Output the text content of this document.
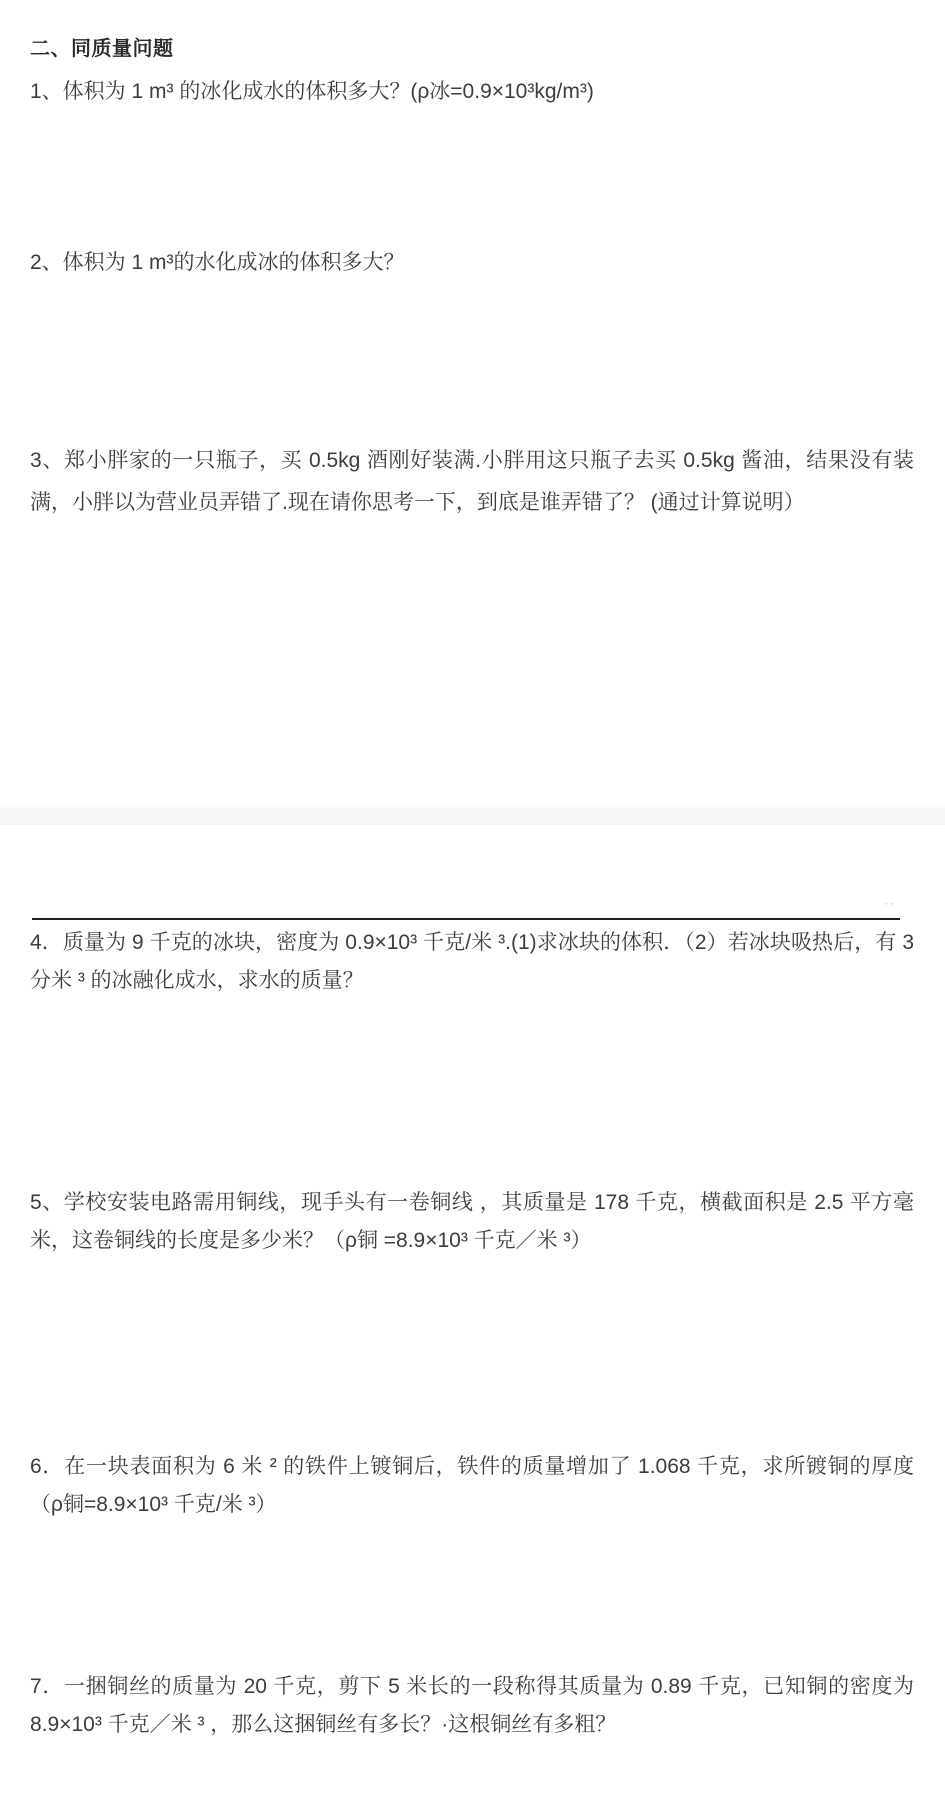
二、同质量问题
1、体积为 1 m³ 的冰化成水的体积多大？(ρ冰=0.9×10³kg/m³)
2、体积为 1 m³的水化成冰的体积多大？
3、郑小胖家的一只瓶子，买 0.5kg 酒刚好装满.小胖用这只瓶子去买 0.5kg 酱油，结果没有装满，小胖以为营业员弄错了.现在请你思考一下，到底是谁弄错了？ (通过计算说明）
··
4．质量为 9 千克的冰块，密度为 0.9×10³ 千克/米 ³.(1)求冰块的体积．（2）若冰块吸热后，有 3 分米 ³ 的冰融化成水，求水的质量？
5、学校安装电路需用铜线，现手头有一卷铜线 ，其质量是 178 千克，横截面积是 2.5 平方毫米，这卷铜线的长度是多少米？（ρ铜 =8.9×10³ 千克／米 ³）
6．在一块表面积为 6 米 ² 的铁件上镀铜后，铁件的质量增加了 1.068 千克，求所镀铜的厚度（ρ铜=8.9×10³ 千克/米 ³）
7．一捆铜丝的质量为 20 千克，剪下 5 米长的一段称得其质量为 0.89 千克，已知铜的密度为 8.9×10³ 千克／米 ³ ，那么这捆铜丝有多长？·这根铜丝有多粗？
